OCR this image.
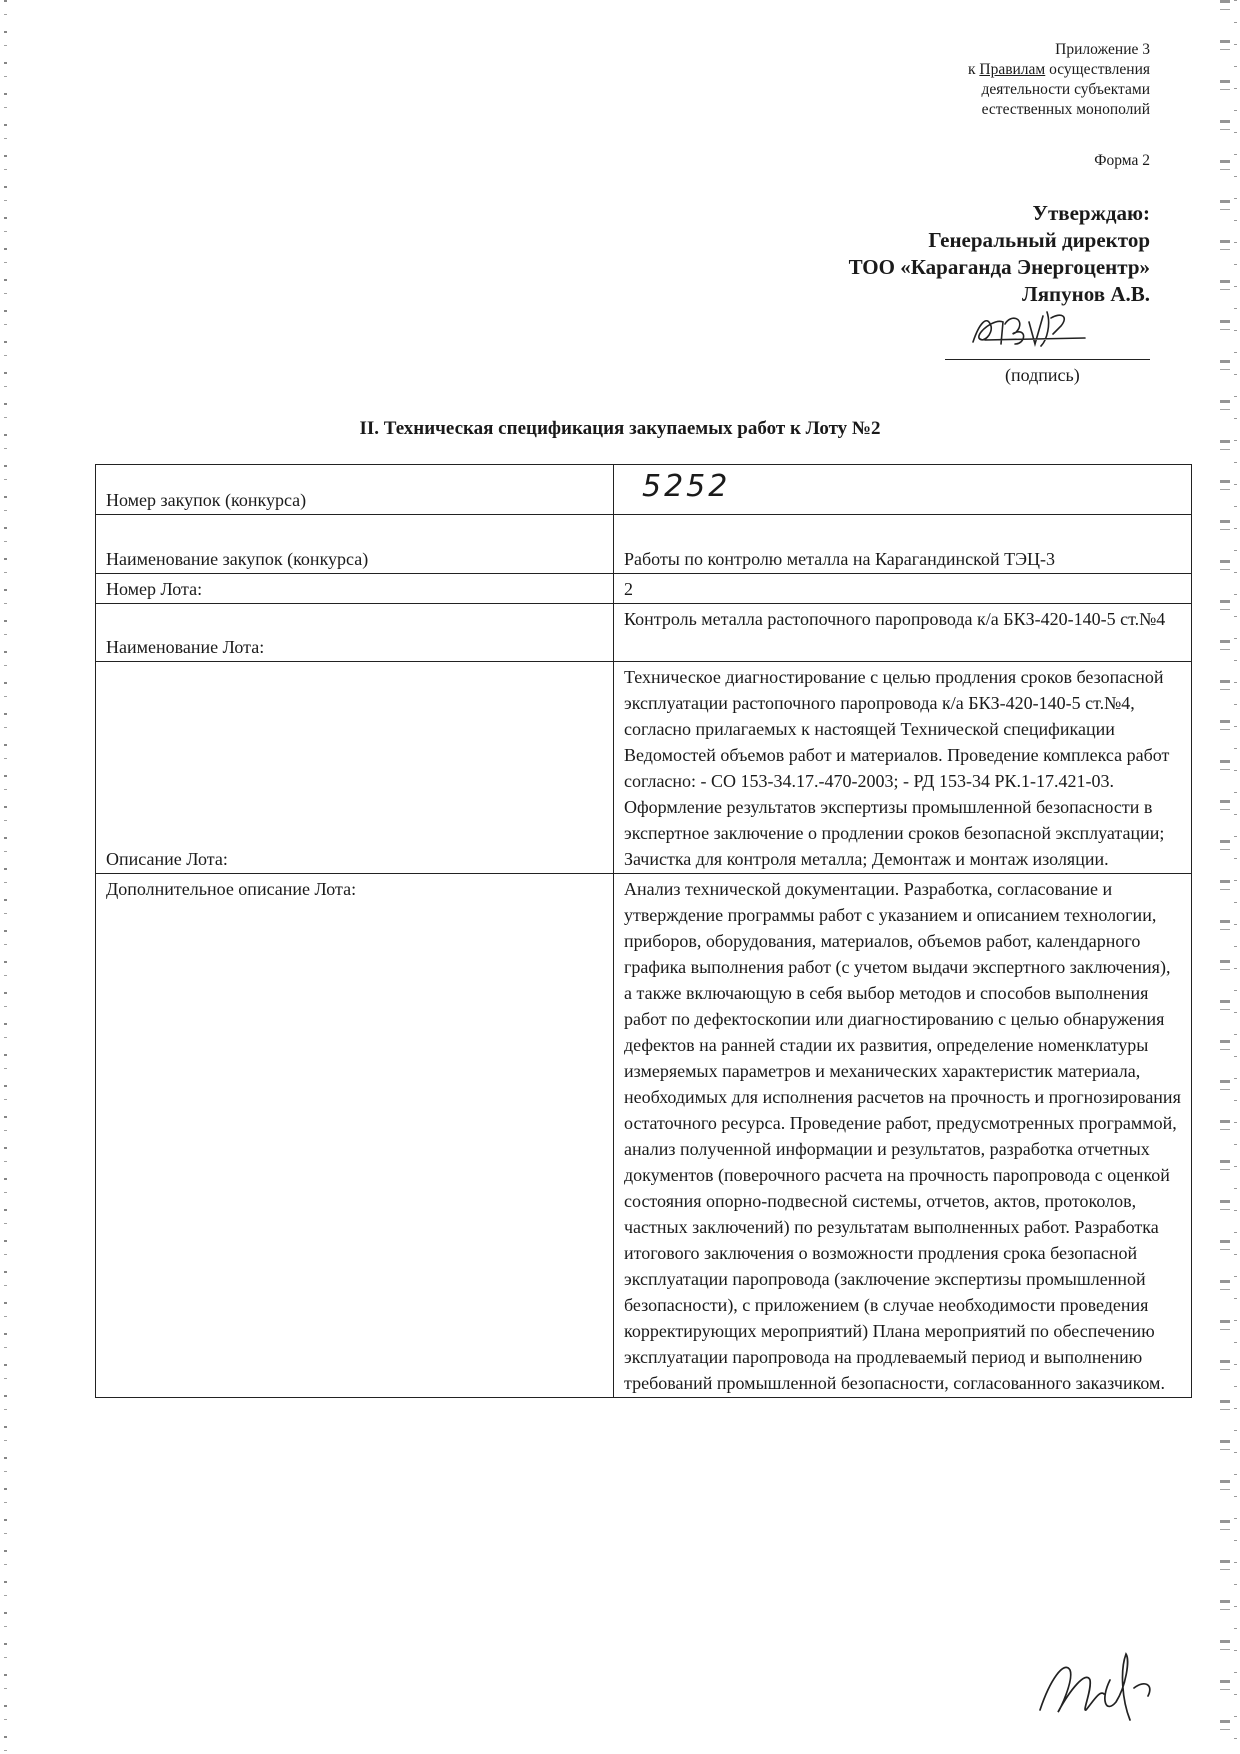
Приложение 3
к Правилам осуществления
деятельности субъектами
естественных монополий
Форма 2
Утверждаю:
Генеральный директор
ТОО «Караганда Энергоцентр»
Ляпунов А.В.
(подпись)
II. Техническая спецификация закупаемых работ к Лоту №2
Номер закупок (конкурса)	5252
Наименование закупок (конкурса)	Работы по контролю металла на Карагандинской ТЭЦ-3
Номер Лота:	2
Наименование Лота:	Контроль металла растопочного паропровода к/а БКЗ-420-140-5 ст.№4
Описание Лота:	Техническое диагностирование с целью продления сроков безопасной эксплуатации растопочного паропровода к/а БКЗ-420-140-5 ст.№4, согласно прилагаемых к настоящей Технической спецификации Ведомостей объемов работ и материалов. Проведение комплекса работ согласно: - СО 153-34.17.-470-2003; - РД 153-34 РК.1-17.421-03. Оформление результатов экспертизы промышленной безопасности в экспертное заключение о продлении сроков безопасной эксплуатации; Зачистка для контроля металла; Демонтаж и монтаж изоляции.
Дополнительное описание Лота:	Анализ технической документации. Разработка, согласование и утверждение программы работ с указанием и описанием технологии, приборов, оборудования, материалов, объемов работ, календарного графика выполнения работ (с учетом выдачи экспертного заключения), а также включающую в себя выбор методов и способов выполнения работ по дефектоскопии или диагностированию с целью обнаружения дефектов на ранней стадии их развития, определение номенклатуры измеряемых параметров и механических характеристик материала, необходимых для исполнения расчетов на прочность и прогнозирования остаточного ресурса. Проведение работ, предусмотренных программой, анализ полученной информации и результатов, разработка отчетных документов (поверочного расчета на прочность паропровода с оценкой состояния опорно-подвесной системы, отчетов, актов, протоколов, частных заключений) по результатам выполненных работ. Разработка итогового заключения о возможности продления срока безопасной эксплуатации паропровода (заключение экспертизы промышленной безопасности), с приложением (в случае необходимости проведения корректирующих мероприятий) Плана мероприятий по обеспечению эксплуатации паропровода на продлеваемый период и выполнению требований промышленной безопасности, согласованного заказчиком.
